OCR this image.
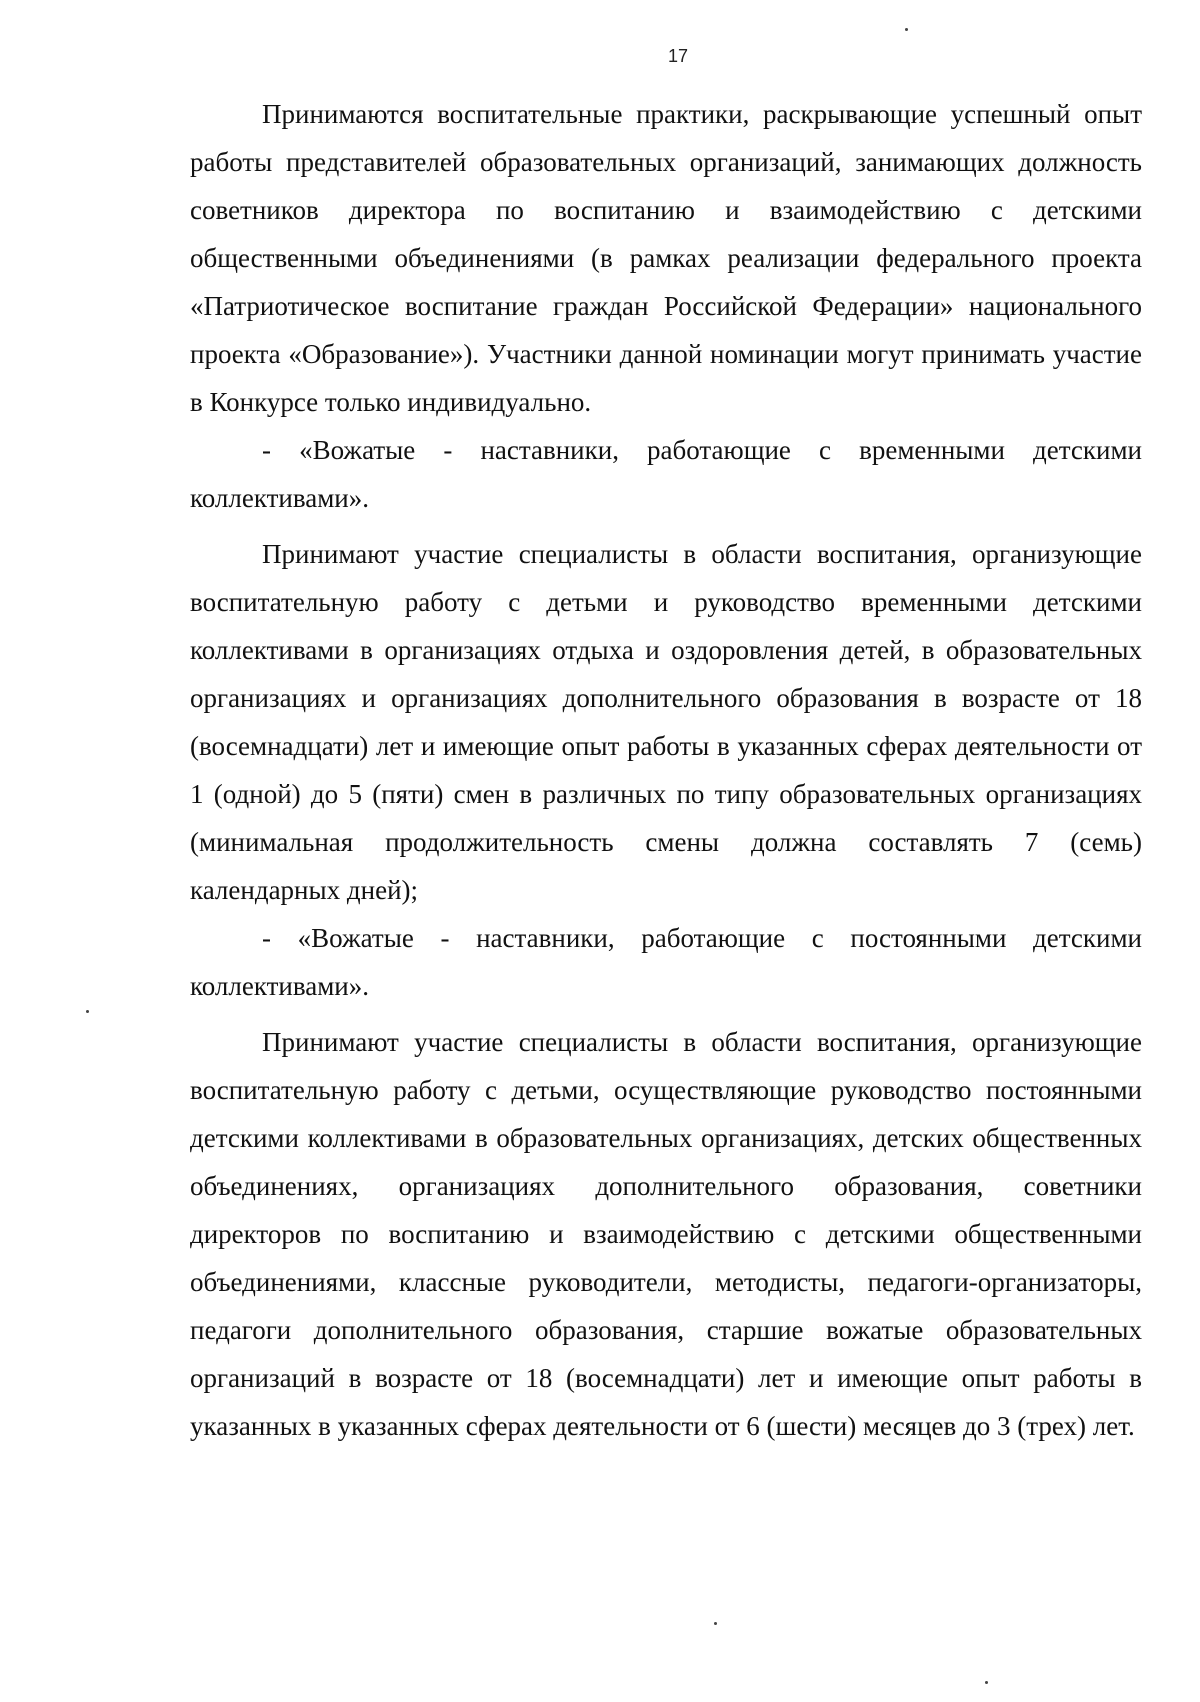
17

Принимаются воспитательные практики, раскрывающие успешный опыт работы представителей образовательных организаций, занимающих должность советников директора по воспитанию и взаимодействию с детскими общественными объединениями (в рамках реализации федерального проекта «Патриотическое воспитание граждан Российской Федерации» национального проекта «Образование»). Участники данной номинации могут принимать участие в Конкурсе только индивидуально.

- «Вожатые - наставники, работающие с временными детскими коллективами».

Принимают участие специалисты в области воспитания, организующие воспитательную работу с детьми и руководство временными детскими коллективами в организациях отдыха и оздоровления детей, в образовательных организациях и организациях дополнительного образования в возрасте от 18 (восемнадцати) лет и имеющие опыт работы в указанных сферах деятельности от 1 (одной) до 5 (пяти) смен в различных по типу образовательных организациях (минимальная продолжительность смены должна составлять 7 (семь) календарных дней);

- «Вожатые - наставники, работающие с постоянными детскими коллективами».

Принимают участие специалисты в области воспитания, организующие воспитательную работу с детьми, осуществляющие руководство постоянными детскими коллективами в образовательных организациях, детских общественных объединениях, организациях дополнительного образования, советники директоров по воспитанию и взаимодействию с детскими общественными объединениями, классные руководители, методисты, педагоги-организаторы, педагоги дополнительного образования, старшие вожатые образовательных организаций в возрасте от 18 (восемнадцати) лет и имеющие опыт работы в указанных в указанных сферах деятельности от 6 (шести) месяцев до 3 (трех) лет.
